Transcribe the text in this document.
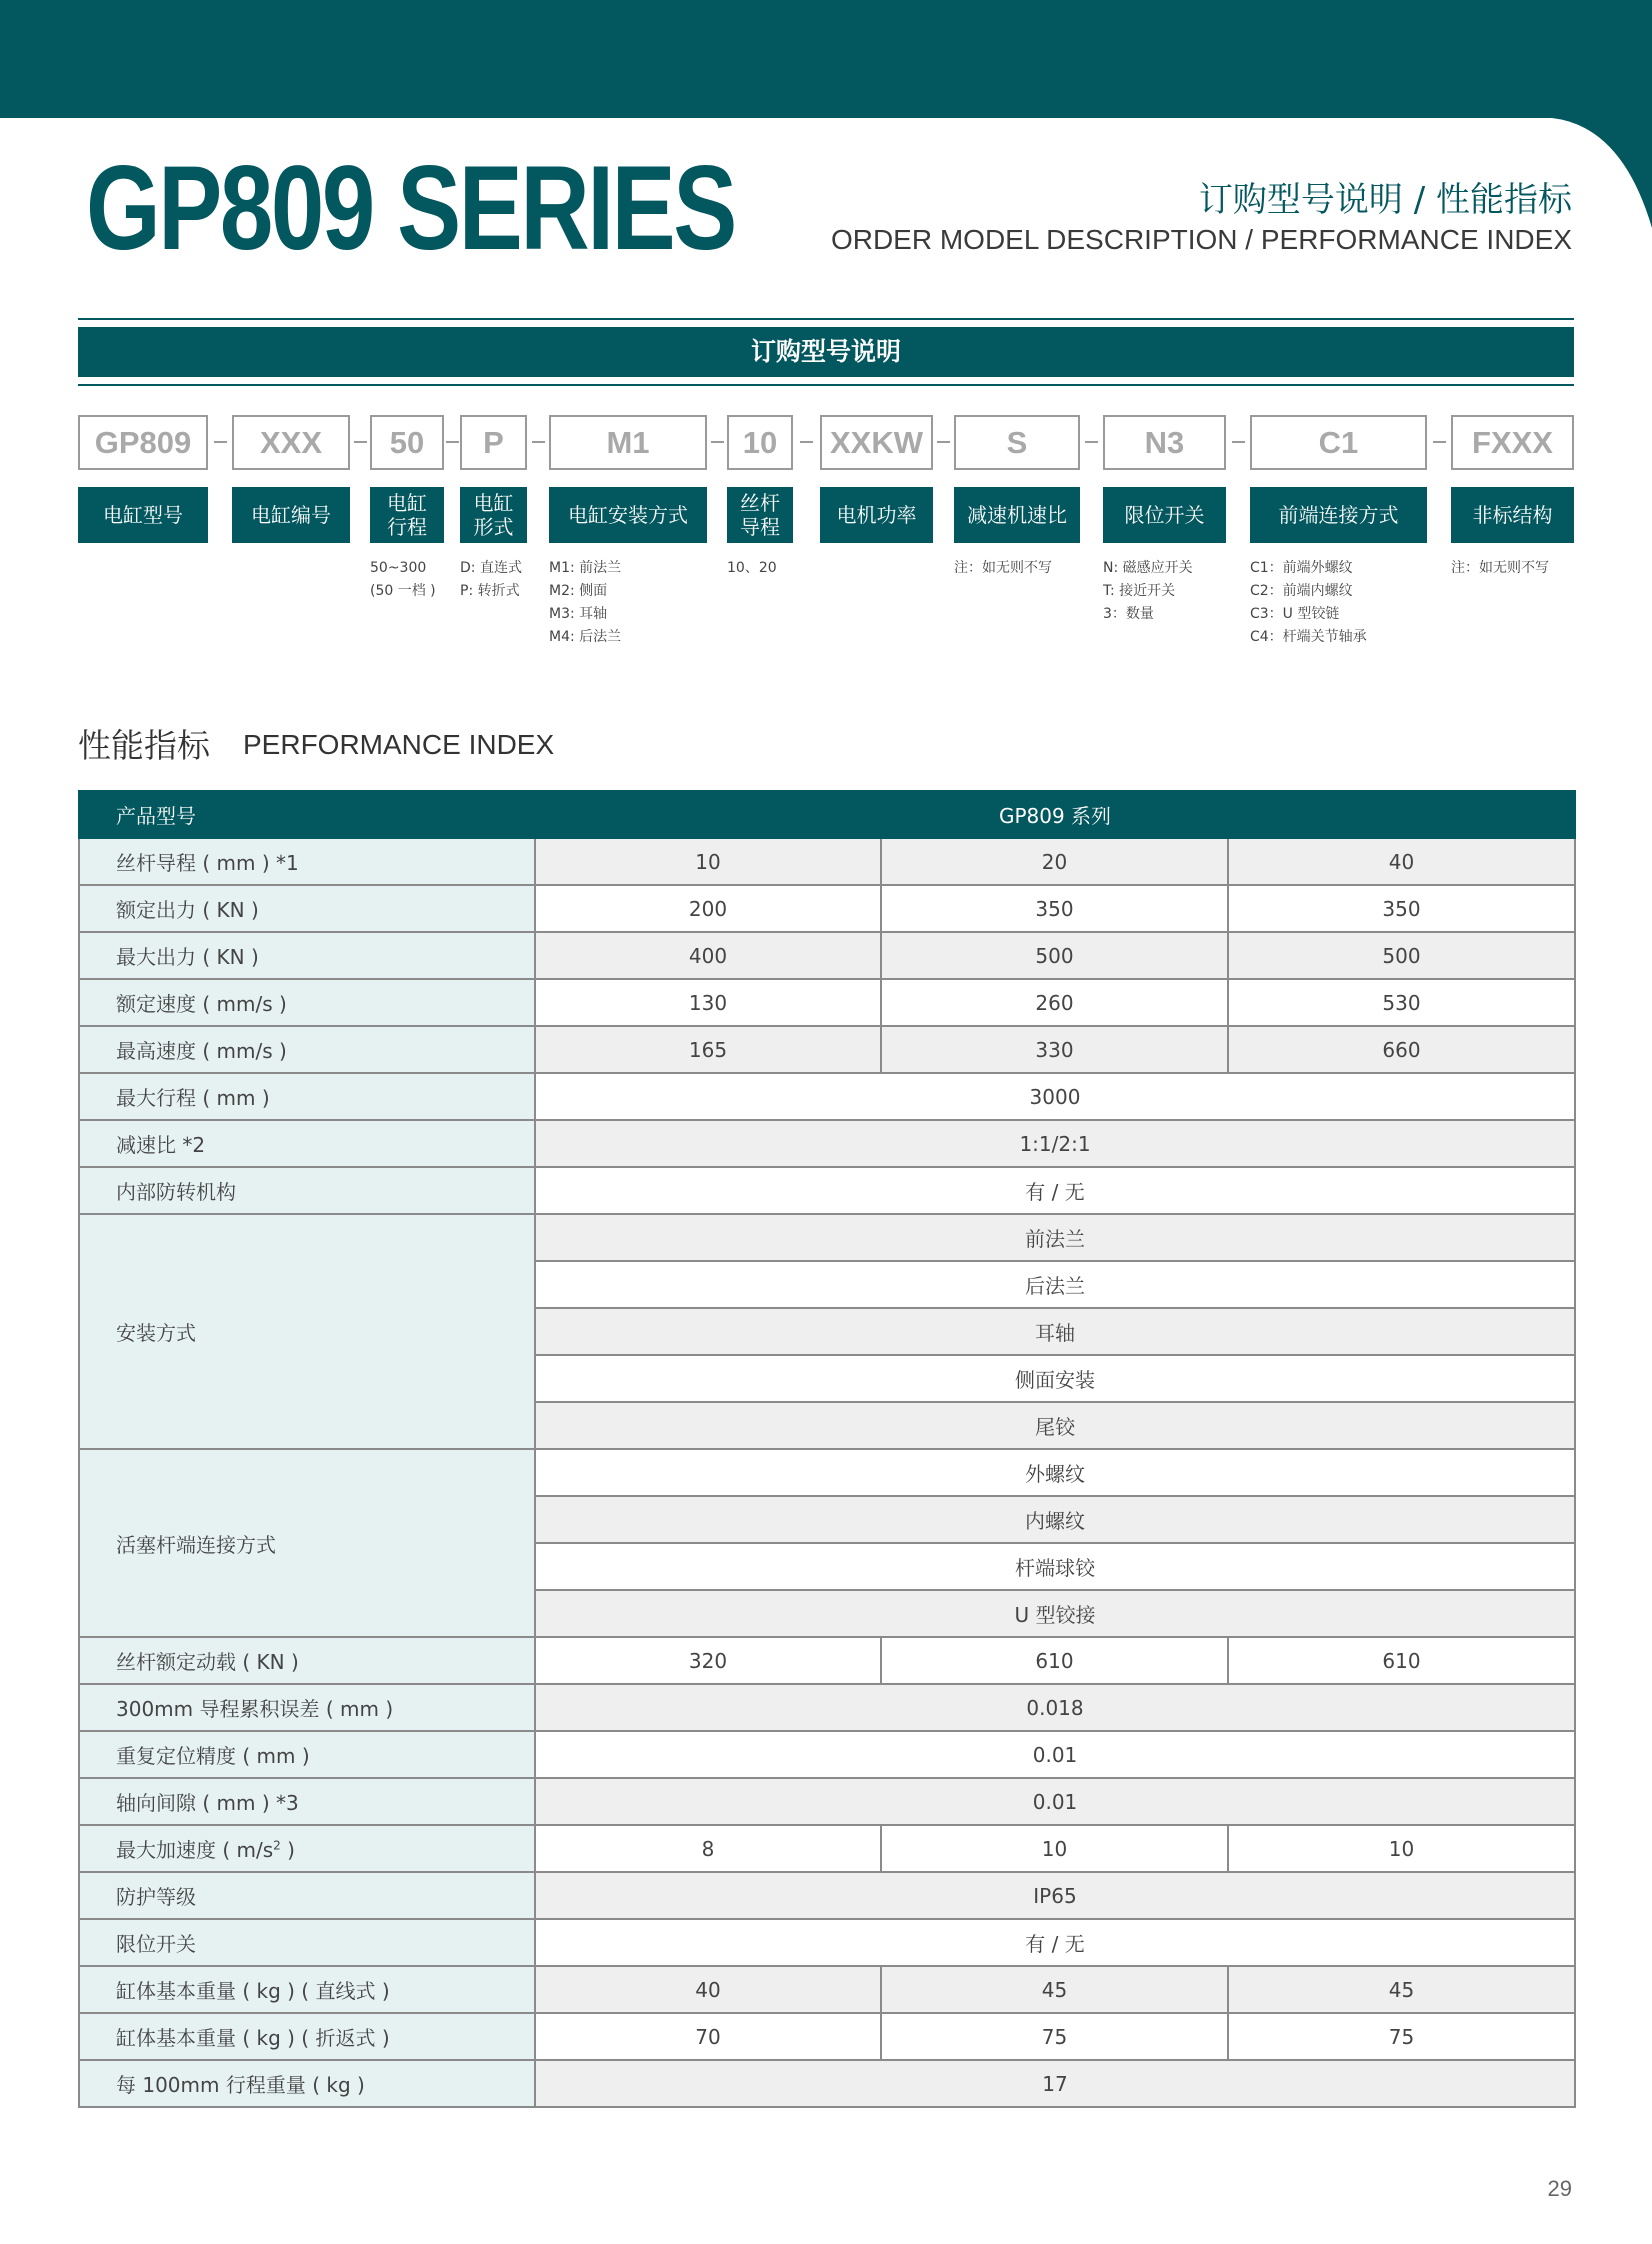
GP809 SERIES	订购型号说明 / 性能指标
ORDER MODEL DESCRIPTION / PERFORMANCE INDEX
订购型号说明
GP809
电缸型号
XXX
电缸编号
50
电缸
行程
50~300
(50 一档 )
P
电缸
形式
D: 直连式
P: 转折式
M1
电缸安装方式
M1: 前法兰
M2: 侧面
M3: 耳轴
M4: 后法兰
10
丝杆
导程
10、20
XXKW
电机功率
S
减速机速比
注：如无则不写
N3
限位开关
N: 磁感应开关
T: 接近开关
3：数量
C1
前端连接方式
C1：前端外螺纹
C2：前端内螺纹
C3：U 型铰链
C4：杆端关节轴承
FXXX
非标结构
注：如无则不写
性能指标 PERFORMANCE INDEX
产品型号	GP809 系列		
丝杆导程 ( mm ) *1	10	20	40
额定出力 ( KN )	200	350	350
最大出力 ( KN )	400	500	500
额定速度 ( mm/s )	130	260	530
最高速度 ( mm/s )	165	330	660
最大行程 ( mm )	3000		
减速比 *2	1:1/2:1		
内部防转机构	有 / 无		
安装方式	前法兰		
	后法兰		
	耳轴		
	侧面安装		
	尾铰		
活塞杆端连接方式	外螺纹		
	内螺纹		
	杆端球铰		
	U 型铰接		
丝杆额定动载 ( KN )	320	610	610
300mm 导程累积误差 ( mm )	0.018		
重复定位精度 ( mm )	0.01		
轴向间隙 ( mm ) *3	0.01		
最大加速度 ( $m/s^2$ )	8	10	10
防护等级	IP65		
限位开关	有 / 无		
缸体基本重量 ( kg ) ( 直线式 )	40	45	45
缸体基本重量 ( kg ) ( 折返式 )	70	75	75
每 100mm 行程重量 ( kg )	17		
29
